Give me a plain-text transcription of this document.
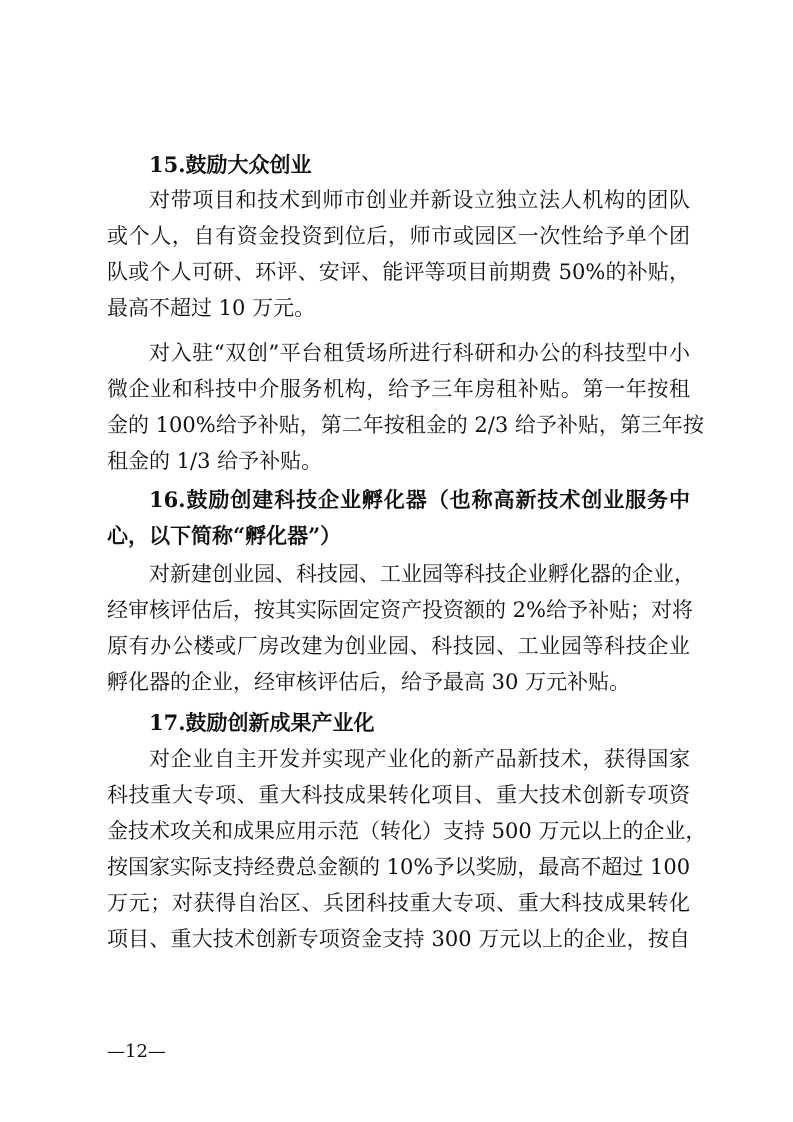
15.鼓励大众创业
对带项目和技术到师市创业并新设立独立法人机构的团队
或个人，自有资金投资到位后，师市或园区一次性给予单个团
队或个人可研、环评、安评、能评等项目前期费 50%的补贴，
最高不超过 10 万元。
对入驻“双创”平台租赁场所进行科研和办公的科技型中小
微企业和科技中介服务机构，给予三年房租补贴。第一年按租
金的 100%给予补贴，第二年按租金的 2/3 给予补贴，第三年按
租金的 1/3 给予补贴。
16.鼓励创建科技企业孵化器（也称高新技术创业服务中
心，以下简称“孵化器”）
对新建创业园、科技园、工业园等科技企业孵化器的企业，
经审核评估后，按其实际固定资产投资额的 2%给予补贴；对将
原有办公楼或厂房改建为创业园、科技园、工业园等科技企业
孵化器的企业，经审核评估后，给予最高 30 万元补贴。
17.鼓励创新成果产业化
对企业自主开发并实现产业化的新产品新技术，获得国家
科技重大专项、重大科技成果转化项目、重大技术创新专项资
金技术攻关和成果应用示范（转化）支持 500 万元以上的企业，
按国家实际支持经费总金额的 10%予以奖励，最高不超过 100
万元；对获得自治区、兵团科技重大专项、重大科技成果转化
项目、重大技术创新专项资金支持 300 万元以上的企业，按自
—12—
